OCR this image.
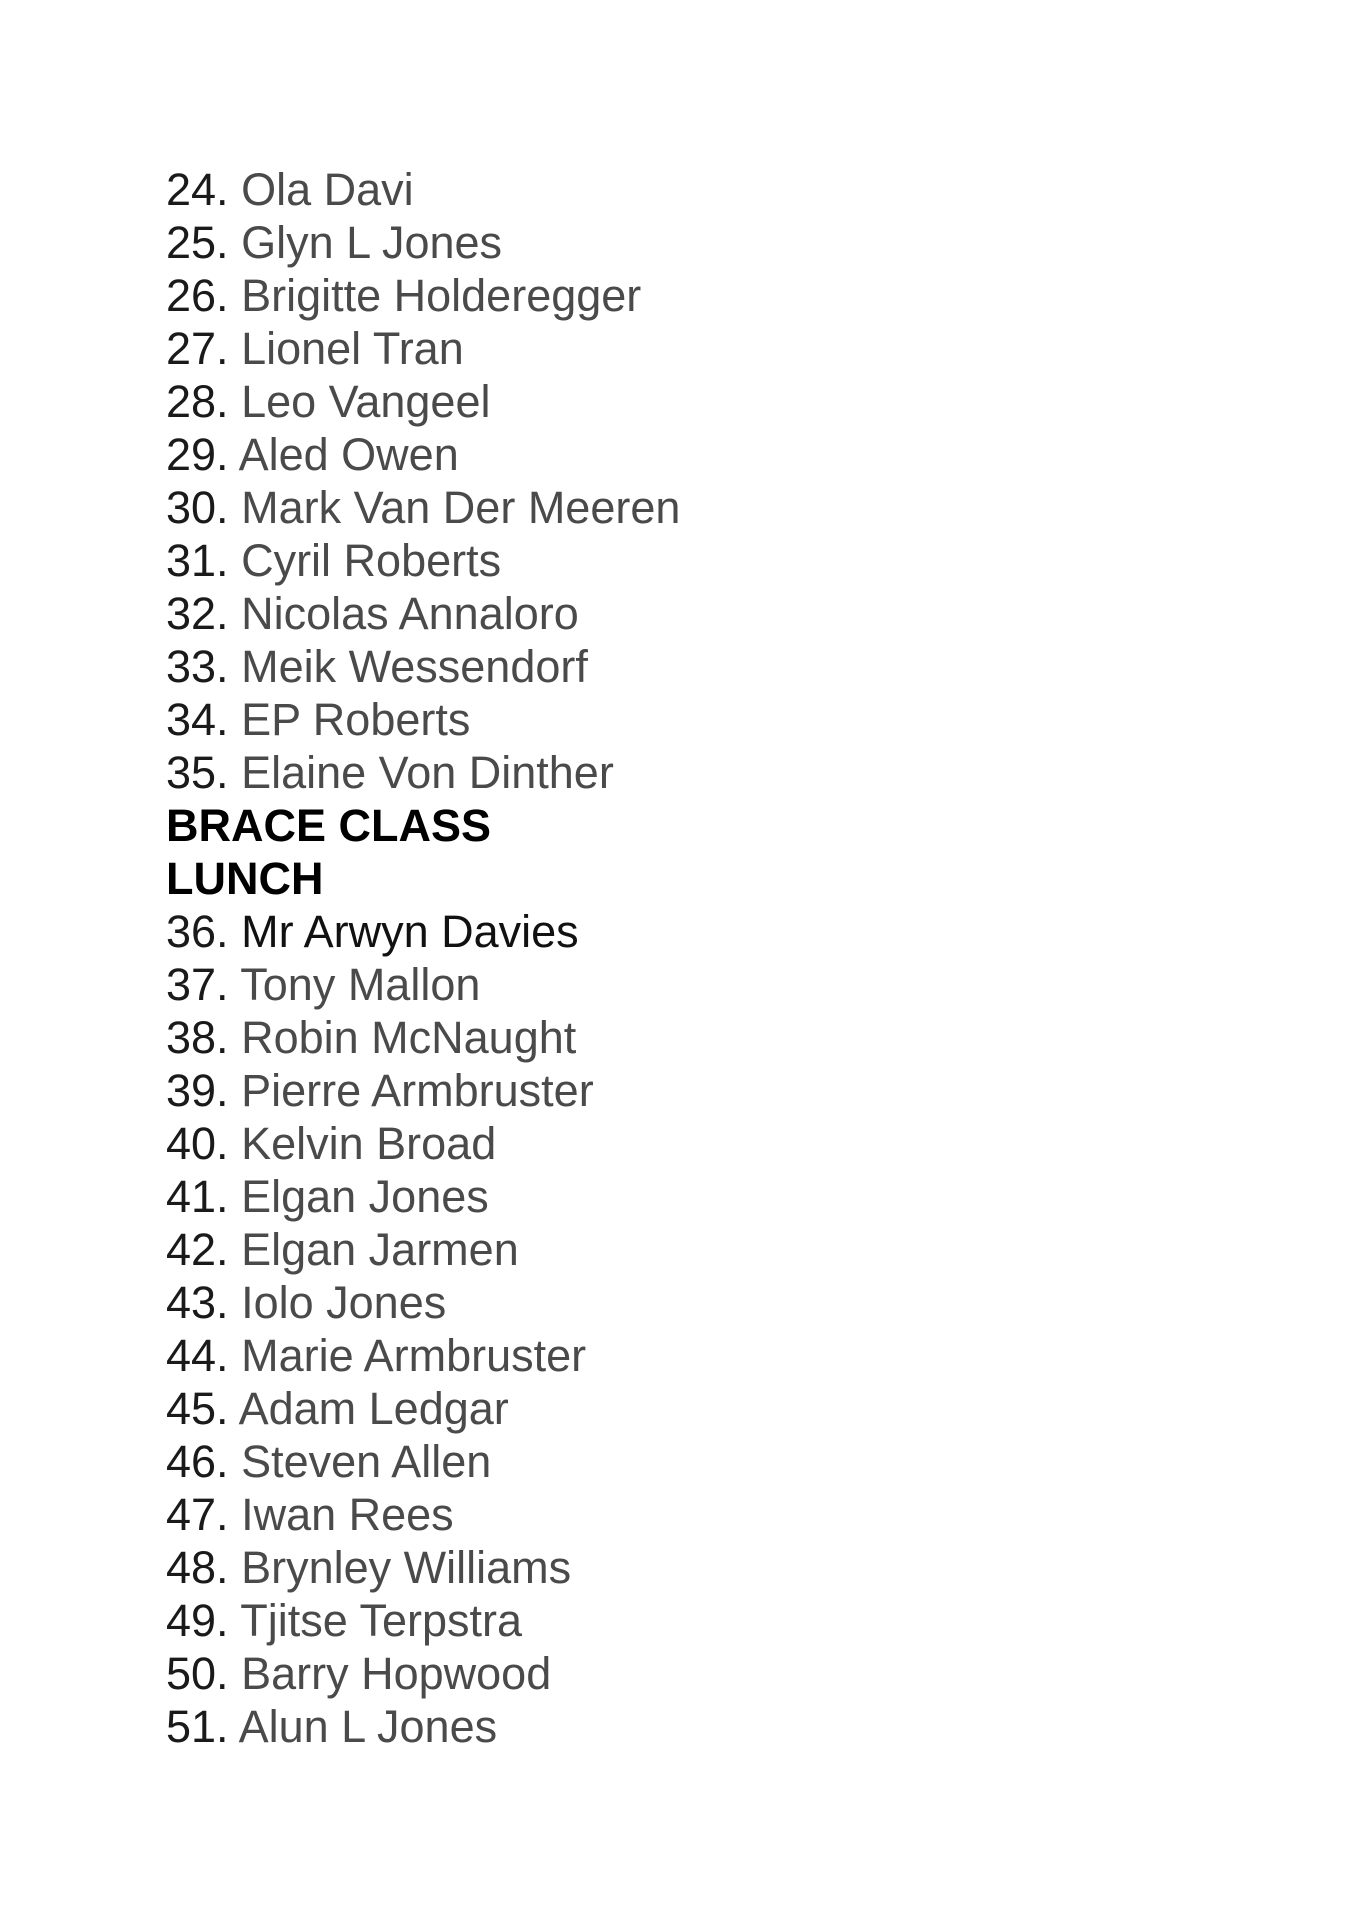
24. Ola Davi
25. Glyn L Jones
26. Brigitte Holderegger
27. Lionel Tran
28. Leo Vangeel
29. Aled Owen
30. Mark Van Der Meeren
31. Cyril Roberts
32. Nicolas Annaloro
33. Meik Wessendorf
34. EP Roberts
35. Elaine Von Dinther
BRACE CLASS
LUNCH
36. Mr Arwyn Davies
37. Tony Mallon
38. Robin McNaught
39. Pierre Armbruster
40. Kelvin Broad
41. Elgan Jones
42. Elgan Jarmen
43. Iolo Jones
44. Marie Armbruster
45. Adam Ledgar
46. Steven Allen
47. Iwan Rees
48. Brynley Williams
49. Tjitse Terpstra
50. Barry Hopwood
51. Alun L Jones
